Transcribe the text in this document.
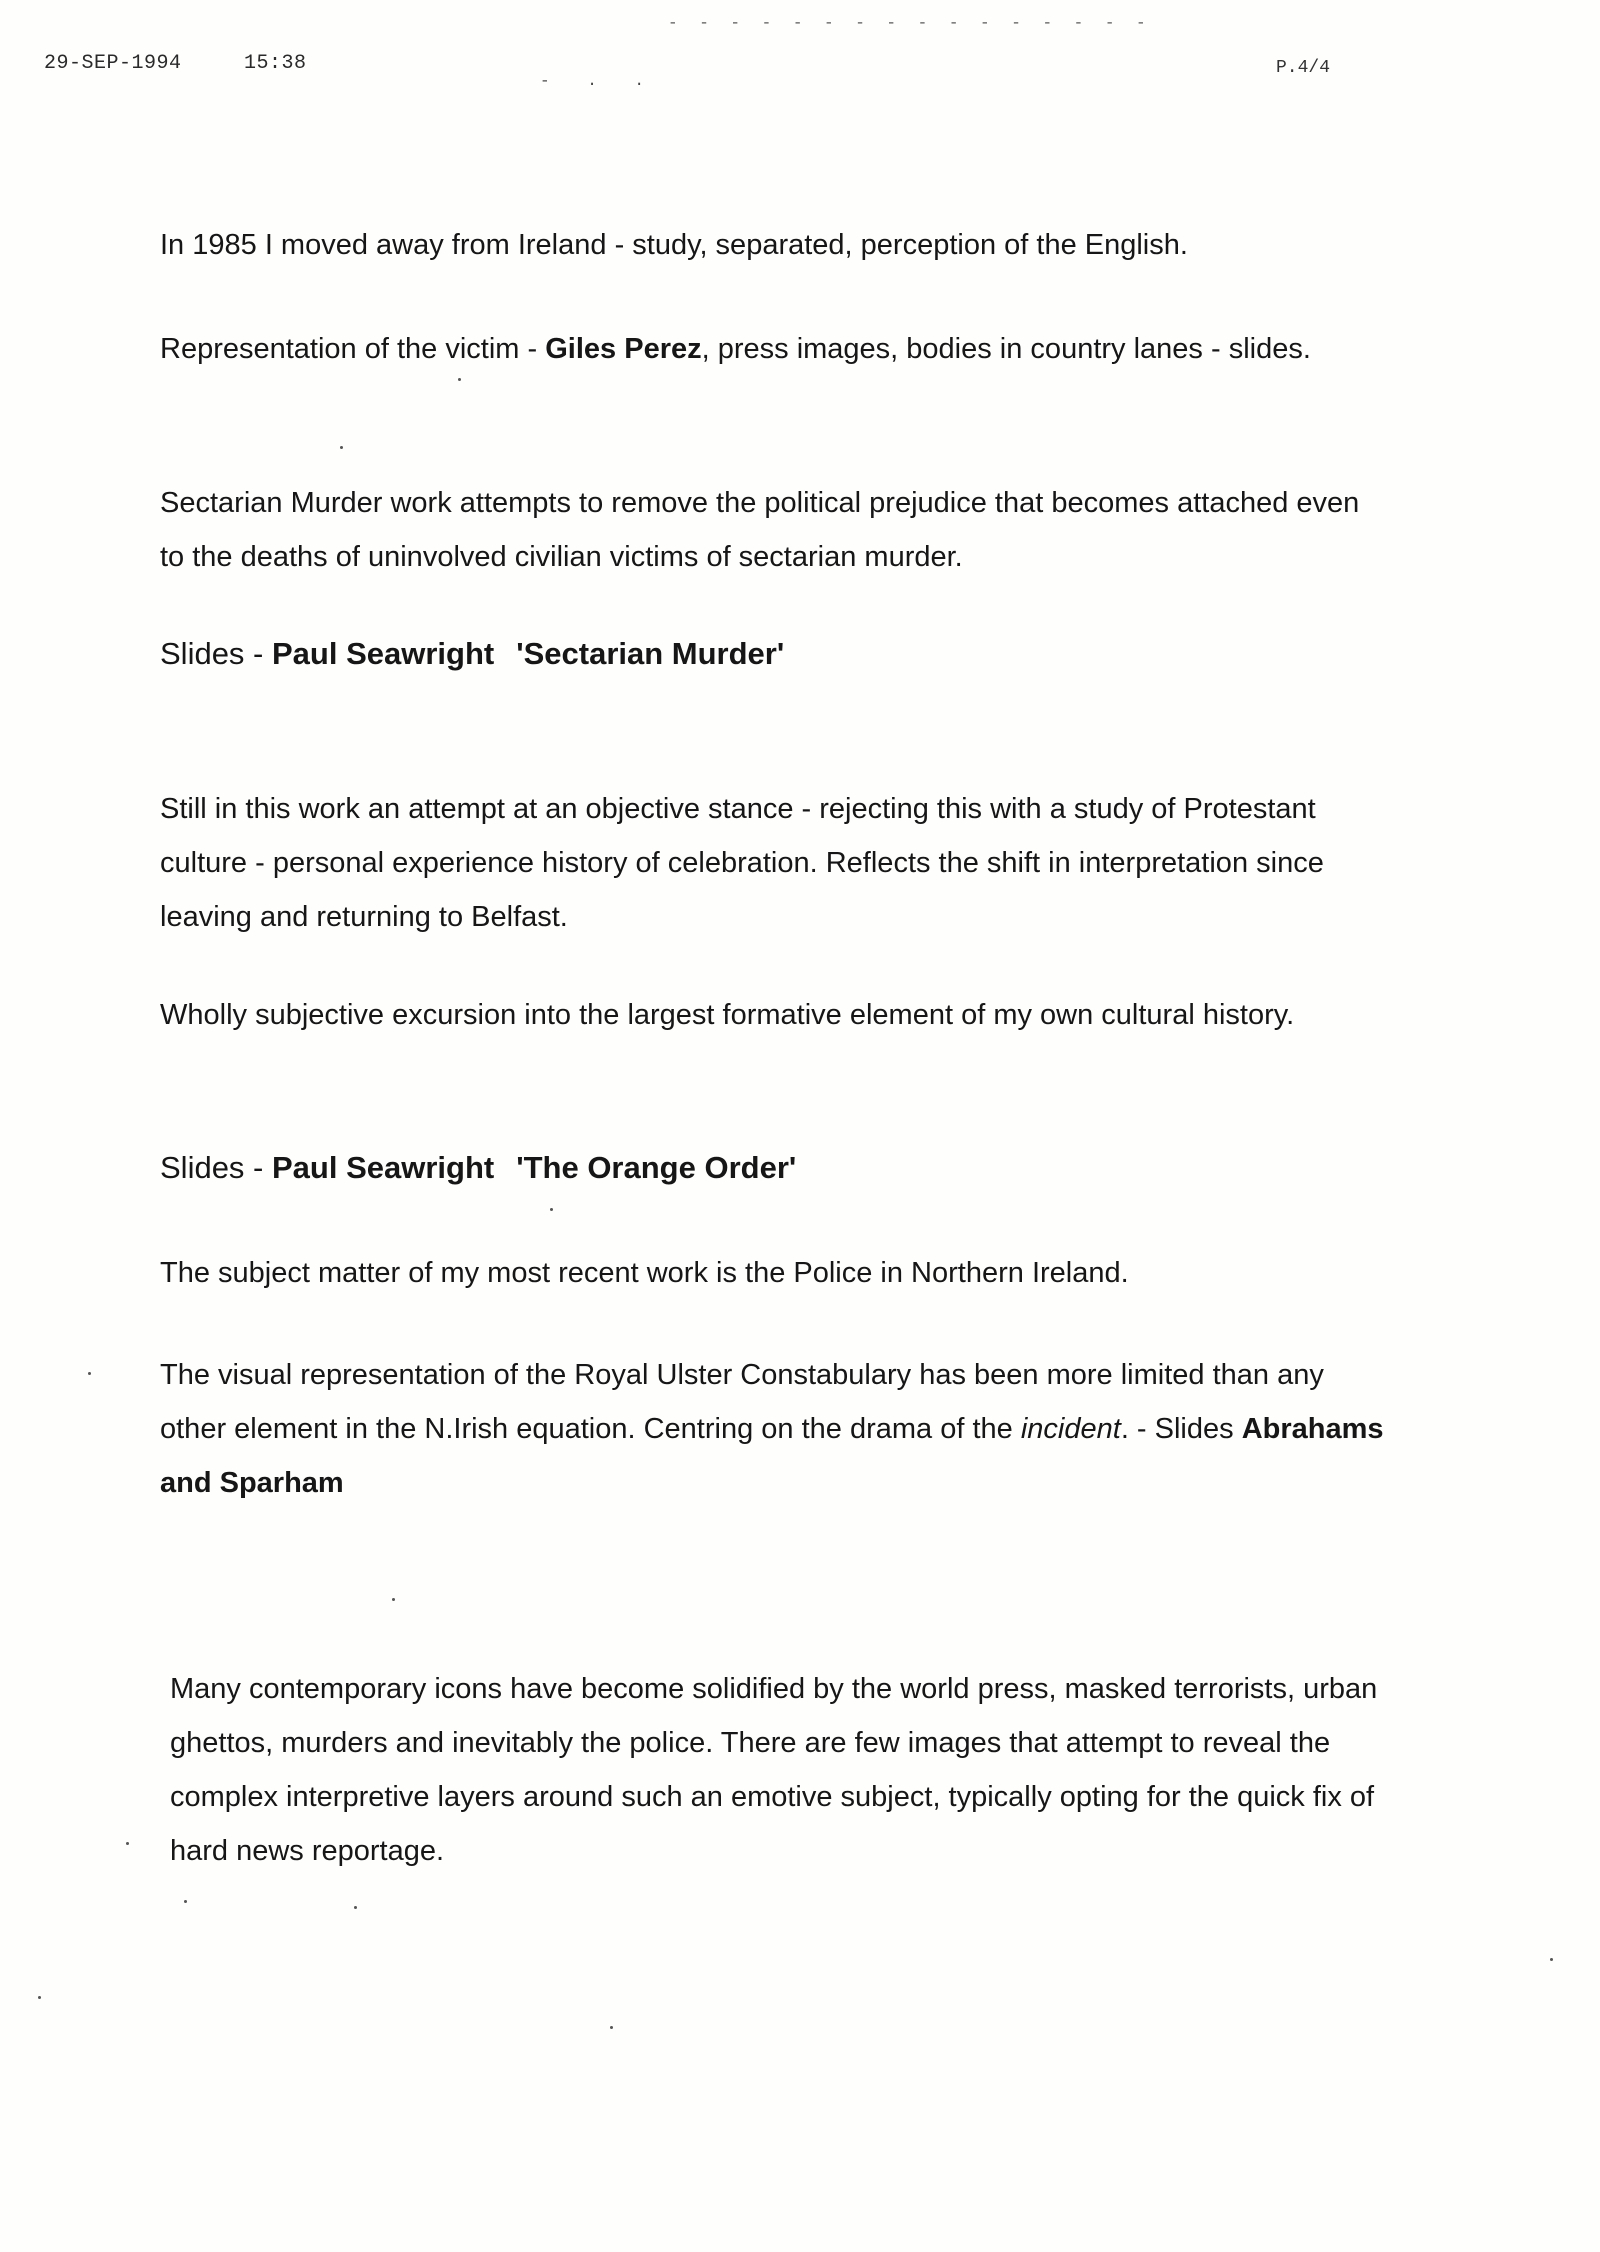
29-SEP-1994	15:38
- - - - - - - - - - - - - - - -
- . .
P.4/4

In 1985 I moved away from Ireland - study, separated, perception of the English.

Representation of the victim - Giles Perez, press images, bodies in country lanes - slides.

Sectarian Murder work attempts to remove the political prejudice that becomes attached even to the deaths of uninvolved civilian victims of sectarian murder.

Slides - Paul Seawright 'Sectarian Murder'

Still in this work an attempt at an objective stance - rejecting this with a study of Protestant culture - personal experience history of celebration. Reflects the shift in interpretation since leaving and returning to Belfast.

Wholly subjective excursion into the largest formative element of my own cultural history.

Slides - Paul Seawright 'The Orange Order'

The subject matter of my most recent work is the Police in Northern Ireland.

The visual representation of the Royal Ulster Constabulary has been more limited than any other element in the N.Irish equation. Centring on the drama of the incident. - Slides Abrahams and Sparham

Many contemporary icons have become solidified by the world press, masked terrorists, urban ghettos, murders and inevitably the police. There are few images that attempt to reveal the complex interpretive layers around such an emotive subject, typically opting for the quick fix of hard news reportage.
